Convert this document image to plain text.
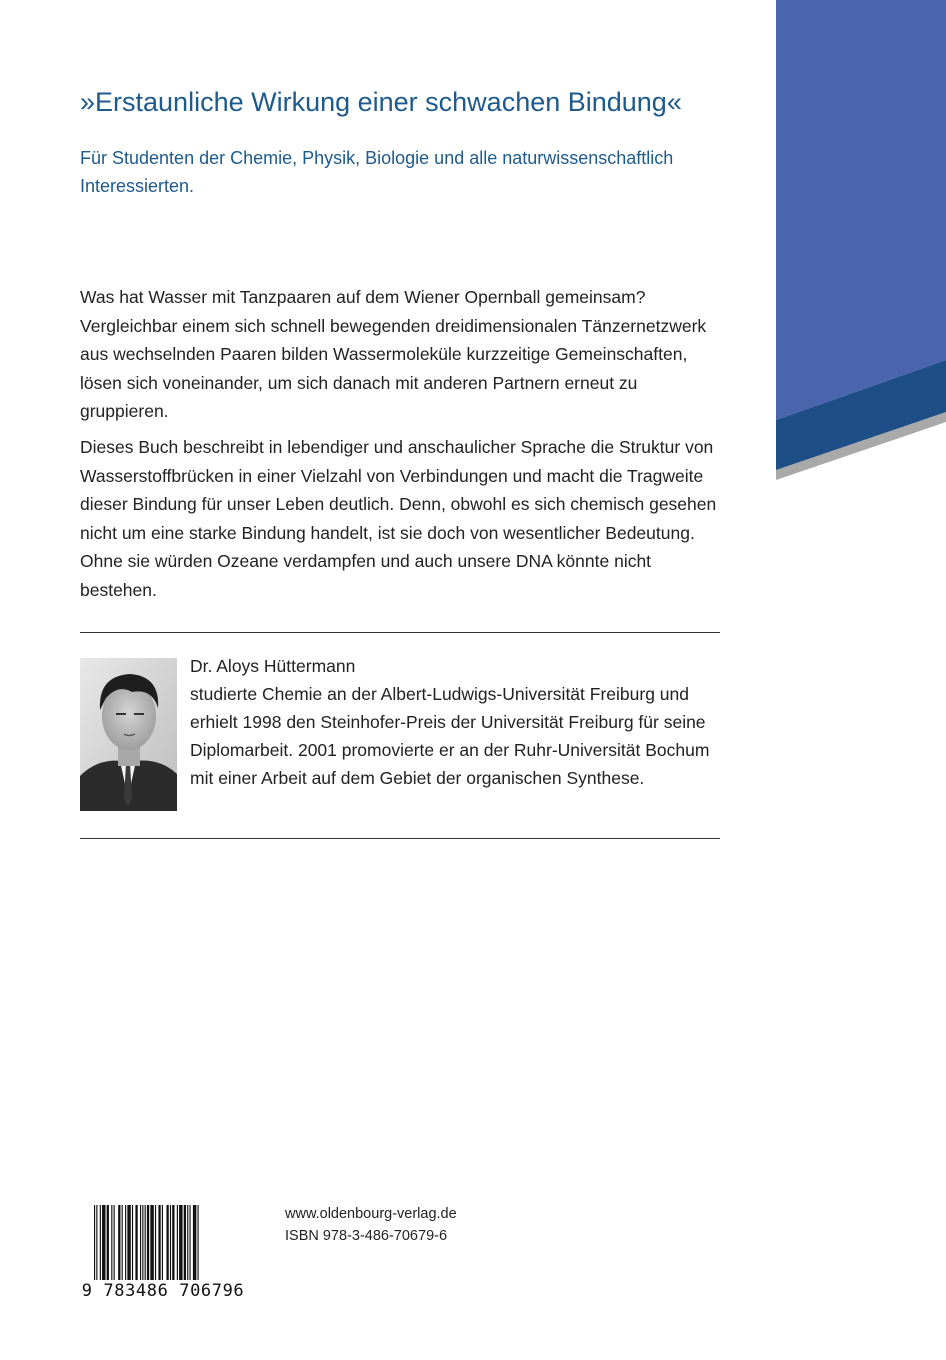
»Erstaunliche Wirkung einer schwachen Bindung«

Für Studenten der Chemie, Physik, Biologie und alle naturwissenschaftlich Interessierten.

Was hat Wasser mit Tanzpaaren auf dem Wiener Opernball gemeinsam? Vergleichbar einem sich schnell bewegenden dreidimensionalen Tänzernetzwerk aus wechselnden Paaren bilden Wassermoleküle kurzzeitige Gemeinschaften, lösen sich voneinander, um sich danach mit anderen Partnern erneut zu gruppieren.

Dieses Buch beschreibt in lebendiger und anschaulicher Sprache die Struktur von Wasserstoffbrücken in einer Vielzahl von Verbindungen und macht die Tragweite dieser Bindung für unser Leben deutlich. Denn, obwohl es sich chemisch gesehen nicht um eine starke Bindung handelt, ist sie doch von wesentlicher Bedeutung. Ohne sie würden Ozeane verdampfen und auch unsere DNA könnte nicht bestehen.

Dr. Aloys Hüttermann

studierte Chemie an der Albert-Ludwigs-Universität Freiburg und erhielt 1998 den Steinhofer-Preis der Universität Freiburg für seine Diplomarbeit. 2001 promovierte er an der Ruhr-Universität Bochum mit einer Arbeit auf dem Gebiet der organischen Synthese.

9 783486 706796
www.oldenbourg-verlag.de
ISBN 978-3-486-70679-6
